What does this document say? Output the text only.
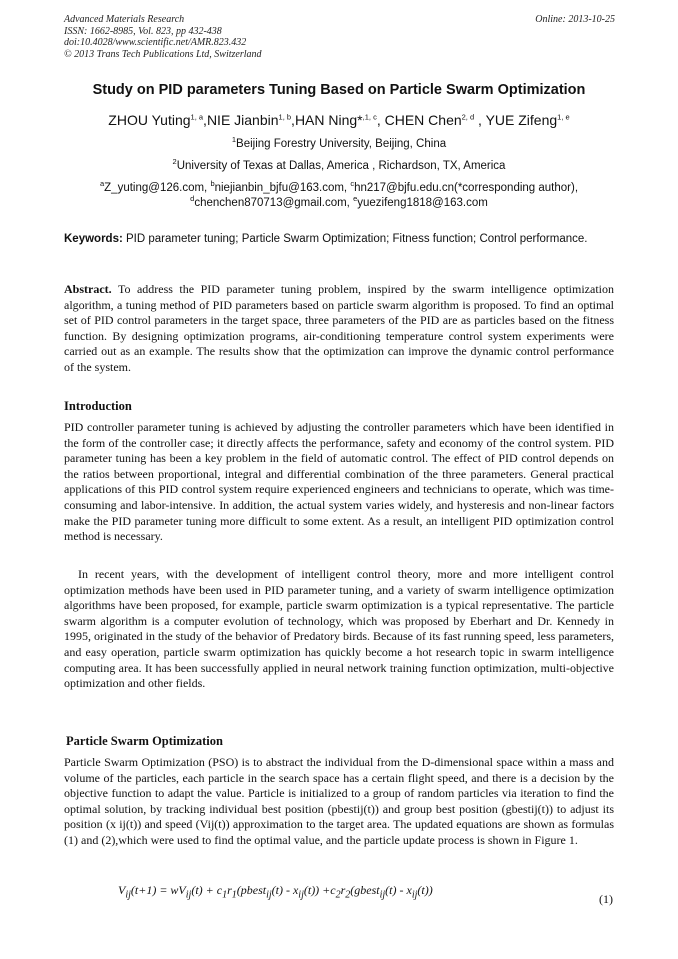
Advanced Materials Research
ISSN: 1662-8985, Vol. 823, pp 432-438
doi:10.4028/www.scientific.net/AMR.823.432
© 2013 Trans Tech Publications Ltd, Switzerland
Online: 2013-10-25
Study on PID parameters Tuning Based on Particle Swarm Optimization
ZHOU Yuting$^{1, a}$,NIE Jianbin$^{1, b}$,HAN Ning*$^{,1, c}$, CHEN Chen$^{2, d}$ , YUE Zifeng$^{1, e}$
$^1$Beijing Forestry University, Beijing, China
$^2$University of Texas at Dallas, America , Richardson, TX, America
$^a$Z_yuting@126.com, $^b$niejianbin_bjfu@163.com, $^c$hn217@bjfu.edu.cn(*corresponding author),
$^d$chenchen870713@gmail.com, $^e$yuezifeng1818@163.com
Keywords: PID parameter tuning; Particle Swarm Optimization; Fitness function; Control performance.
Abstract. To address the PID parameter tuning problem, inspired by the swarm intelligence optimization algorithm, a tuning method of PID parameters based on particle swarm algorithm is proposed. To find an optimal set of PID control parameters in the target space, three parameters of the PID are as particles based on the fitness function. By designing optimization programs, air-conditioning temperature control system experiments were carried out as an example. The results show that the optimization can improve the dynamic control performance of the system.
Introduction
PID controller parameter tuning is achieved by adjusting the controller parameters which have been identified in the form of the controller case; it directly affects the performance, safety and economy of the control system. PID parameter tuning has been a key problem in the field of automatic control. The effect of PID control depends on the ratios between proportional, integral and differential combination of the three parameters. General practical applications of this PID control system require experienced engineers and technicians to operate, which was time-consuming and labor-intensive. In addition, the actual system varies widely, and hysteresis and non-linear factors make the PID parameter tuning more difficult to some extent. As a result, an intelligent PID optimization control method is necessary.
In recent years, with the development of intelligent control theory, more and more intelligent control optimization methods have been used in PID parameter tuning, and a variety of swarm intelligence optimization algorithms have been proposed, for example, particle swarm optimization is a typical representative. The particle swarm algorithm is a computer evolution of technology, which was proposed by Eberhart and Dr. Kennedy in 1995, originated in the study of the behavior of Predatory birds. Because of its fast running speed, less parameters, and easy operation, particle swarm optimization has quickly become a hot research topic in swarm intelligence computing area. It has been successfully applied in neural network training function optimization, multi-objective optimization and other fields.
Particle Swarm Optimization
Particle Swarm Optimization (PSO) is to abstract the individual from the D-dimensional space within a mass and volume of the particles, each particle in the search space has a certain flight speed, and there is a decision by the objective function to adapt the value. Particle is initialized to a group of random particles via iteration to find the optimal solution, by tracking individual best position (pbestij(t)) and group best position (gbestij(t)) to adjust its position (x ij(t)) and speed (Vij(t)) approximation to the target area. The updated equations are shown as formulas (1) and (2),which were used to find the optimal value, and the particle update process is shown in Figure 1.
$V_{ij}(t+1) = wV_{ij}(t)$ + $c_1r_1(pbest_{ij}(t) - x_{ij}(t))$ $+c_2r_2(gbest_{ij}(t) - x_{ij}(t))$
(1)
